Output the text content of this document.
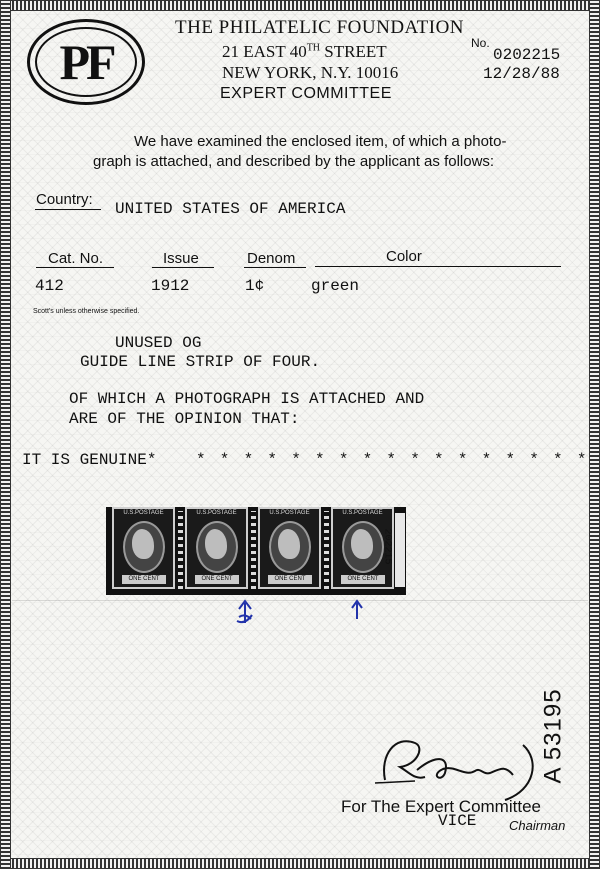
PF
THE PHILATELIC FOUNDATION
21 EAST 40TH STREET
NEW YORK, N.Y. 10016
EXPERT COMMITTEE
No.
0202215
12/28/88
We have examined the enclosed item, of which a photo-
graph is attached, and described by the applicant as follows:
Country:
UNITED STATES OF AMERICA
Cat. No.	Issue	Denom	Color
412	1912	1¢	green
Scott's unless otherwise specified.
UNUSED OG
GUIDE LINE STRIP OF FOUR.
OF WHICH A PHOTOGRAPH IS ATTACHED AND
ARE OF THE OPINION THAT:
IT IS GENUINE* * * * * * * * * * * * * * * * * *
U.S.POSTAGE
ONE CENT
U.S.POSTAGE
ONE CENT
U.S.POSTAGE
ONE CENT
U.S.POSTAGE
ONE CENT
202215
For The Expert Committee
VICE	Chairman
A 53195
